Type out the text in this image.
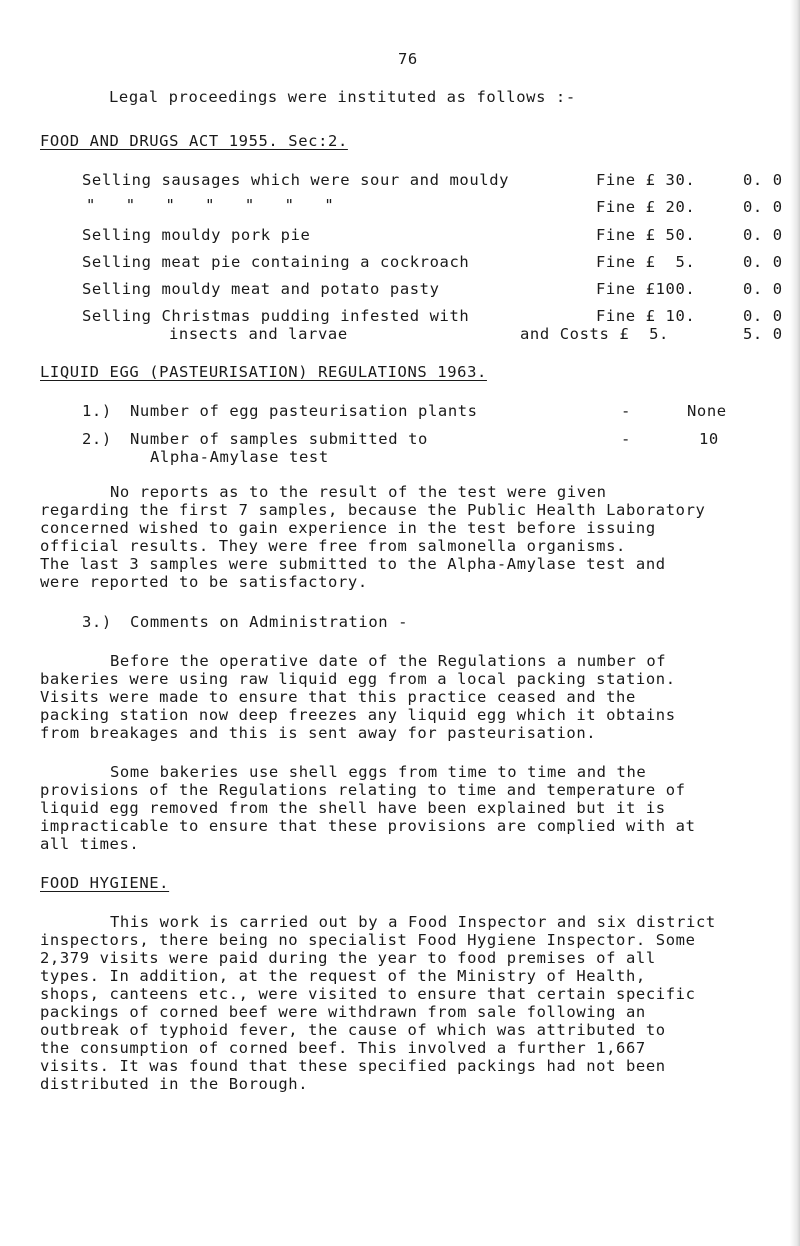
76
Legal proceedings were instituted as follows :-
FOOD AND DRUGS ACT 1955. Sec:2.
Selling sausages which were sour and mouldy	Fine £ 30.	0. 0
"   "   "   "   "   "   "	Fine £ 20.	0. 0
Selling mouldy pork pie	Fine £ 50.	0. 0
Selling meat pie containing a cockroach	Fine £  5.	0. 0
Selling mouldy meat and potato pasty	Fine £100.	0. 0
Selling Christmas pudding infested with	Fine £ 10.	0. 0
insects and larvae	and Costs £  5.	5. 0
LIQUID EGG (PASTEURISATION) REGULATIONS 1963.
1.) Number of egg pasteurisation plants	-	None
2.) Number of samples submitted to	-	10
Alpha-Amylase test
No reports as to the result of the test were given
regarding the first 7 samples, because the Public Health Laboratory
concerned wished to gain experience in the test before issuing
official results. They were free from salmonella organisms.
The last 3 samples were submitted to the Alpha-Amylase test and
were reported to be satisfactory.
3.) Comments on Administration -
Before the operative date of the Regulations a number of
bakeries were using raw liquid egg from a local packing station.
Visits were made to ensure that this practice ceased and the
packing station now deep freezes any liquid egg which it obtains
from breakages and this is sent away for pasteurisation.
Some bakeries use shell eggs from time to time and the
provisions of the Regulations relating to time and temperature of
liquid egg removed from the shell have been explained but it is
impracticable to ensure that these provisions are complied with at
all times.
FOOD HYGIENE.
This work is carried out by a Food Inspector and six district
inspectors, there being no specialist Food Hygiene Inspector. Some
2,379 visits were paid during the year to food premises of all
types. In addition, at the request of the Ministry of Health,
shops, canteens etc., were visited to ensure that certain specific
packings of corned beef were withdrawn from sale following an
outbreak of typhoid fever, the cause of which was attributed to
the consumption of corned beef. This involved a further 1,667
visits. It was found that these specified packings had not been
distributed in the Borough.
